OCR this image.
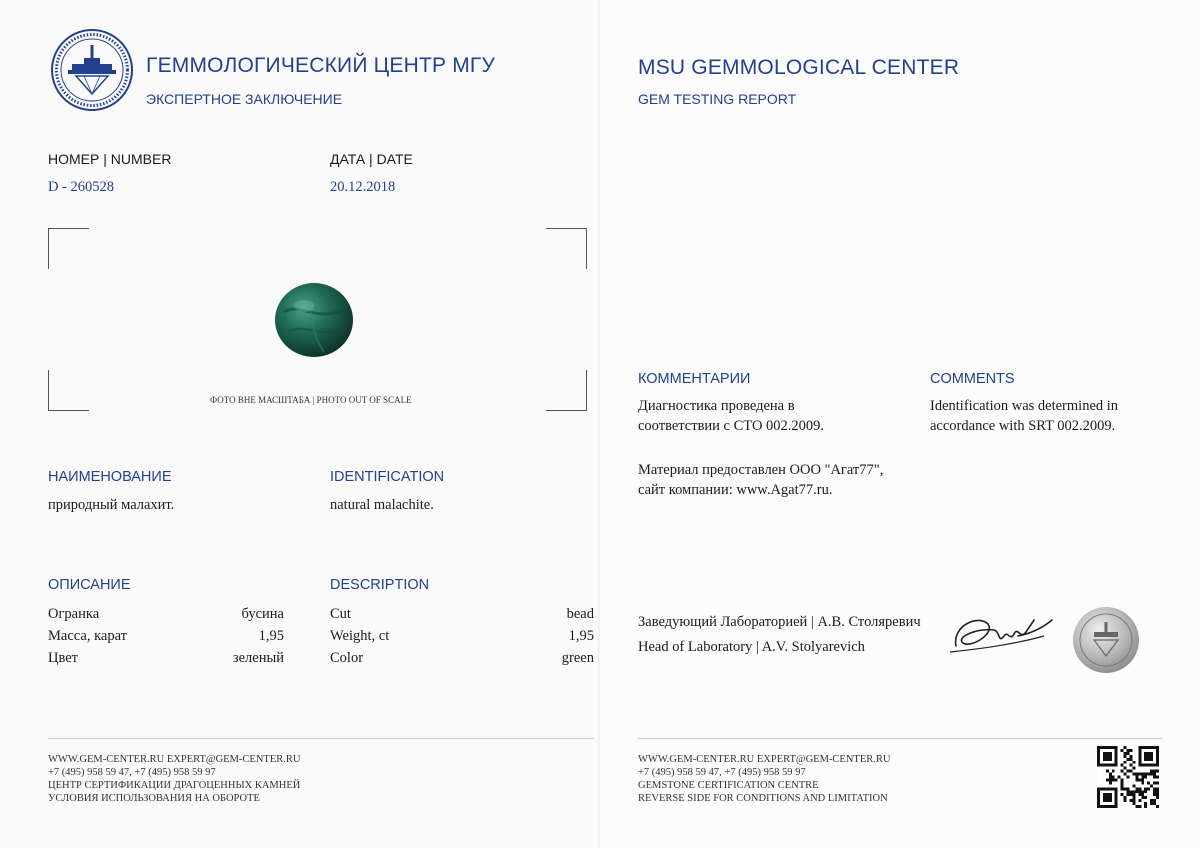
ГЕММОЛОГИЧЕСКИЙ ЦЕНТР МГУ
ЭКСПЕРТНОЕ ЗАКЛЮЧЕНИЕ
НОМЕР | NUMBER
D - 260528
ДАТА | DATE
20.12.2018
ФОТО ВНЕ МАСШТАБА | PHOTO OUT OF SCALE
НАИМЕНОВАНИЕ
природный малахит.
IDENTIFICATION
natural malachite.
ОПИСАНИЕ	DESCRIPTION
Огранка	бусина
Масса, карат	1,95
Цвет	зеленый
Cut	bead
Weight, ct	1,95
Color	green
WWW.GEM-CENTER.RU EXPERT@GEM-CENTER.RU
+7 (495) 958 59 47, +7 (495) 958 59 97
ЦЕНТР СЕРТИФИКАЦИИ ДРАГОЦЕННЫХ КАМНЕЙ
УСЛОВИЯ ИСПОЛЬЗОВАНИЯ НА ОБОРОТЕ
MSU GEMMOLOGICAL CENTER
GEM TESTING REPORT
КОММЕНТАРИИ
Диагностика проведена в
соответствии с СТО 002.2009.
Материал предоставлен ООО "Агат77",
сайт компании: www.Agat77.ru.
COMMENTS
Identification was determined in
accordance with SRT 002.2009.
Заведующий Лабораторией | А.В. Столяревич
Head of Laboratory | A.V. Stolyarevich
WWW.GEM-CENTER.RU EXPERT@GEM-CENTER.RU
+7 (495) 958 59 47, +7 (495) 958 59 97
GEMSTONE CERTIFICATION CENTRE
REVERSE SIDE FOR CONDITIONS AND LIMITATION
